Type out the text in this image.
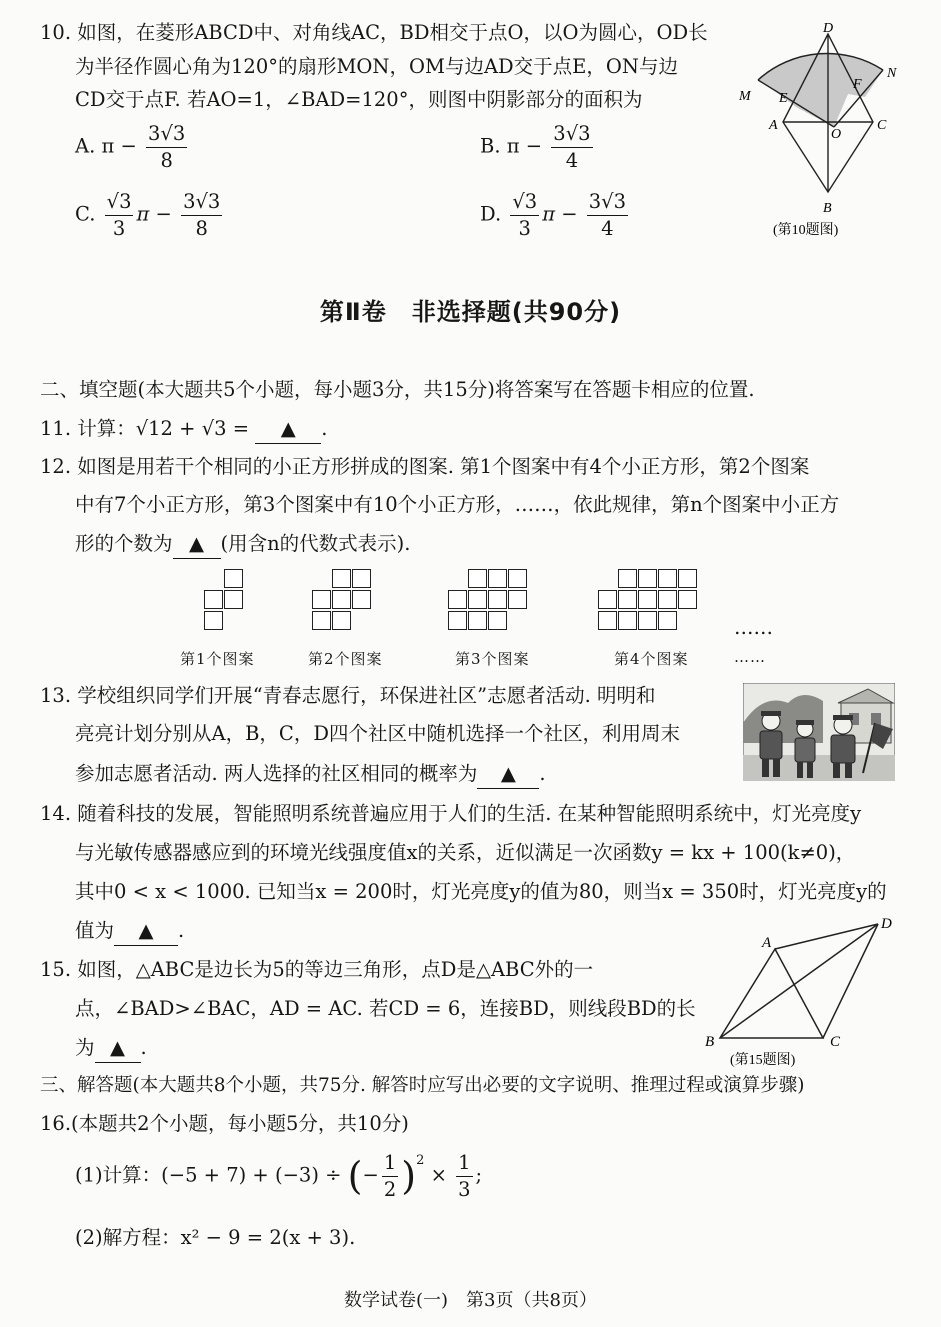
10. 如图，在菱形ABCD中、对角线AC，BD相交于点O，以O为圆心，OD长
为半径作圆心角为120°的扇形MON，OM与边AD交于点E，ON与边
CD交于点F. 若AO=1，∠BAD=120°，则图中阴影部分的面积为
A. $\pi - \frac{3√3}{8}$	B. $\pi - \frac{3√3}{4}$
C. $\frac{√3}{3}$ $\pi - \frac{3√3}{8}$	D. $\frac{√3}{3}$ $\pi - \frac{3√3}{4}$
D
N
M E
F
A
O
C
B
(第10题图)
第Ⅱ卷　非选择题(共90分)
二、填空题(本大题共5个小题，每小题3分，共15分)将答案写在答题卡相应的位置.
11. 计算：√12 + √3 = ▲ .
12. 如图是用若干个相同的小正方形拼成的图案. 第1个图案中有4个小正方形，第2个图案
中有7个小正方形，第3个图案中有10个小正方形，……，依此规律，第n个图案中小正方
形的个数为 ▲ (用含n的代数式表示).
……
第1个图案	第2个图案	第3个图案	第4个图案	……
13. 学校组织同学们开展“青春志愿行，环保进社区”志愿者活动. 明明和
亮亮计划分别从A，B，C，D四个社区中随机选择一个社区，利用周末
参加志愿者活动. 两人选择的社区相同的概率为 ▲ .
14. 随着科技的发展，智能照明系统普遍应用于人们的生活. 在某种智能照明系统中，灯光亮度y
与光敏传感器感应到的环境光线强度值x的关系，近似满足一次函数y = kx + 100(k≠0)，
其中0 < x < 1000. 已知当x = 200时，灯光亮度y的值为80，则当x = 350时，灯光亮度y的
值为 ▲ .
15. 如图，△ABC是边长为5的等边三角形，点D是△ABC外的一
点，∠BAD>∠BAC，AD = AC. 若CD = 6，连接BD，则线段BD的长
为 ▲ .
A
D
B	C
(第15题图)
三、解答题(本大题共8个小题，共75分. 解答时应写出必要的文字说明、推理过程或演算步骤)
16.(本题共2个小题，每小题5分，共10分)
(1)计算：(−5 + 7) + (−3) ÷ (− $\frac{1}{2} )^2 \times \frac{1}{3}$ ;
(2)解方程：x² − 9 = 2(x + 3).
数学试卷(一)　第3页（共8页）
